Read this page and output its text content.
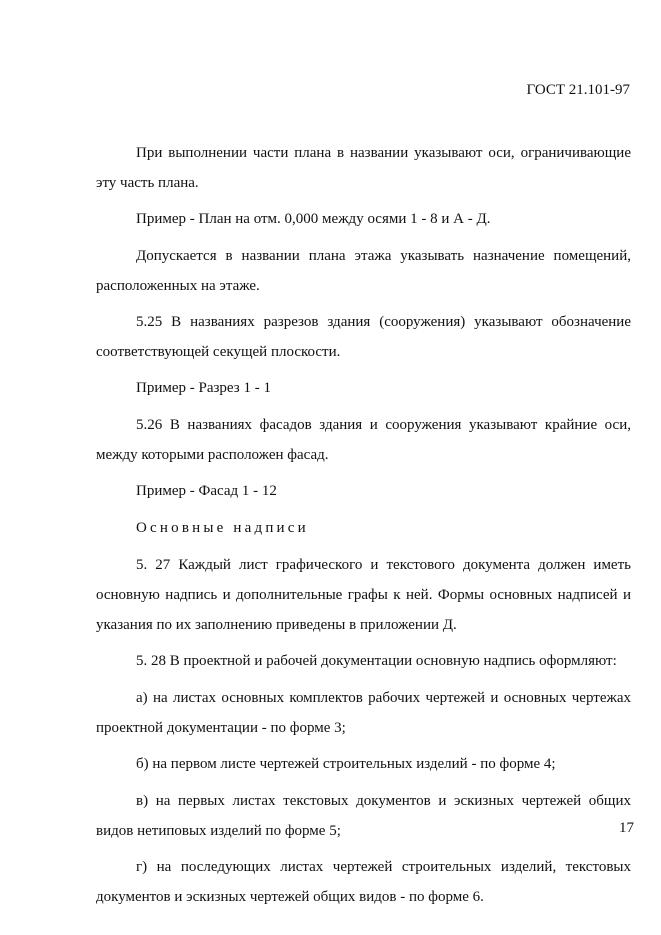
ГОСТ 21.101-97

При выполнении части плана в названии указывают оси, ограничивающие эту часть плана.

Пример - План на отм. 0,000 между осями 1 - 8 и А - Д.

Допускается в названии плана этажа указывать назначение помещений, расположенных на этаже.

5.25 В названиях разрезов здания (сооружения) указывают обозначение соответствующей секущей плоскости.

Пример - Разрез 1 - 1

5.26 В названиях фасадов здания и сооружения указывают крайние оси, между которыми расположен фасад.

Пример - Фасад 1 - 12

Основные надписи

5. 27 Каждый лист графического и текстового документа должен иметь основную надпись и дополнительные графы к ней. Формы основных надписей и указания по их заполнению приведены в приложении Д.

5. 28 В проектной и рабочей документации основную надпись оформляют:

а) на листах основных комплектов рабочих чертежей и основных чертежах проектной документации - по форме 3;

б) на первом листе чертежей строительных изделий - по форме 4;

в) на первых листах текстовых документов и эскизных чертежей общих видов нетиповых изделий по форме 5;

г) на последующих листах чертежей строительных изделий, текстовых документов и эскизных чертежей общих видов - по форме 6.

17
